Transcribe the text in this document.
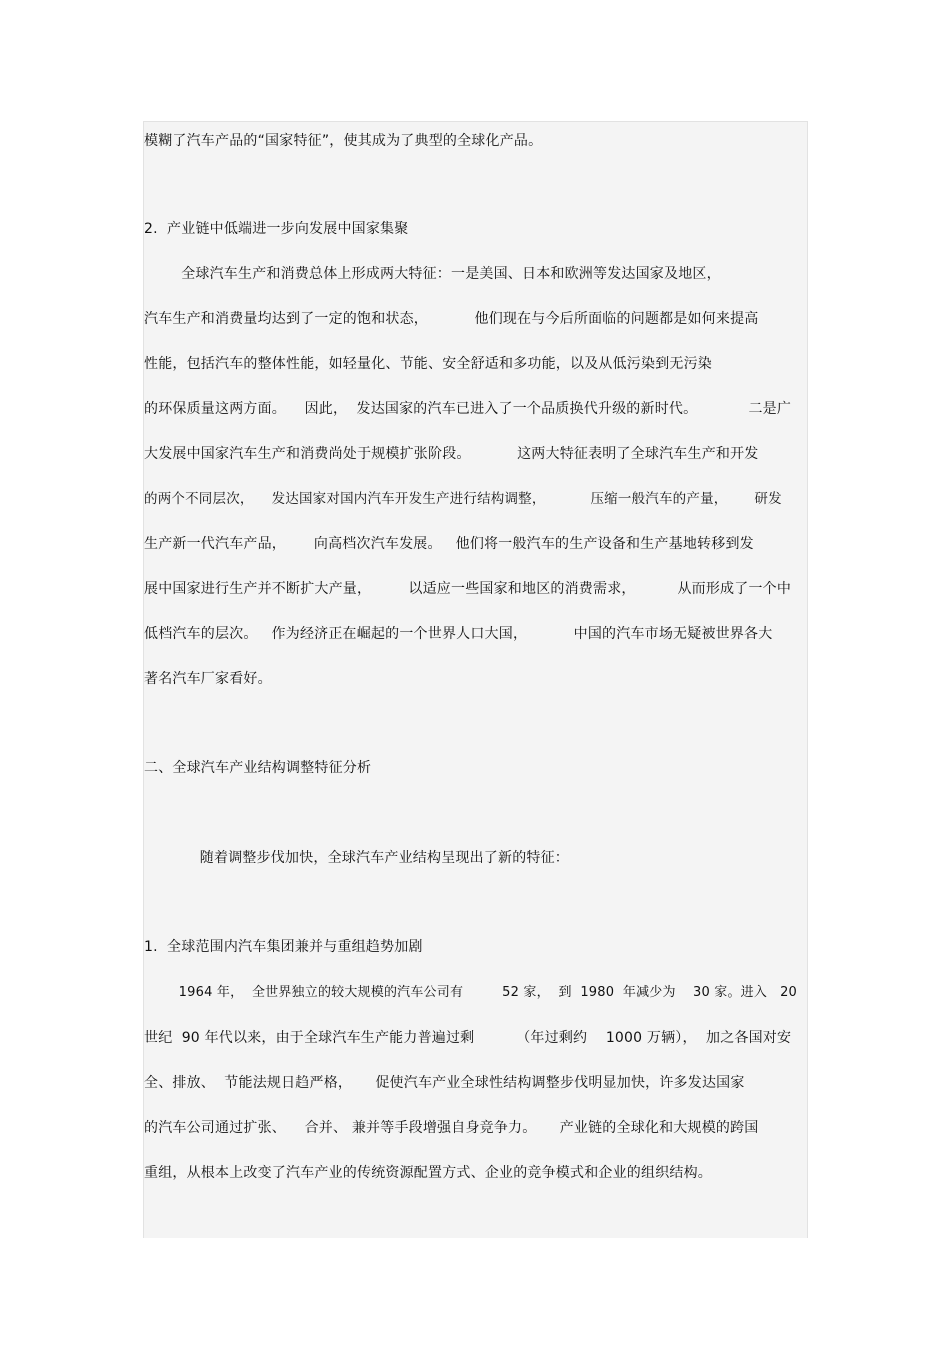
模糊了汽车产品的“国家特征”，使其成为了典型的全球化产品。
2.  产业链中低端进一步向发展中国家集聚
全球汽车生产和消费总体上形成两大特征：一是美国、日本和欧洲等发达国家及地区，
汽车生产和消费量均达到了一定的饱和状态，          他们现在与今后所面临的问题都是如何来提高
性能，包括汽车的整体性能，如轻量化、节能、安全舒适和多功能，以及从低污染到无污染
的环保质量这两方面。    因此，  发达国家的汽车已进入了一个品质换代升级的新时代。           二是广
大发展中国家汽车生产和消费尚处于规模扩张阶段。          这两大特征表明了全球汽车生产和开发
的两个不同层次，    发达国家对国内汽车开发生产进行结构调整，          压缩一般汽车的产量，      研发
生产新一代汽车产品，      向高档次汽车发展。   他们将一般汽车的生产设备和生产基地转移到发
展中国家进行生产并不断扩大产量，        以适应一些国家和地区的消费需求，         从而形成了一个中
低档汽车的层次。   作为经济正在崛起的一个世界人口大国，          中国的汽车市场无疑被世界各大
著名汽车厂家看好。
二、全球汽车产业结构调整特征分析
随着调整步伐加快，全球汽车产业结构呈现出了新的特征：
1.  全球范围内汽车集团兼并与重组趋势加剧
1964 年，  全世界独立的较大规模的汽车公司有         52 家，  到  1980  年减少为    30 家。进入   20
世纪  90 年代以来，由于全球汽车生产能力普遍过剩         （年过剩约    1000 万辆），  加之各国对安
全、排放、  节能法规日趋严格，     促使汽车产业全球性结构调整步伐明显加快，许多发达国家
的汽车公司通过扩张、    合并、 兼并等手段增强自身竞争力。     产业链的全球化和大规模的跨国
重组，从根本上改变了汽车产业的传统资源配置方式、企业的竞争模式和企业的组织结构。
